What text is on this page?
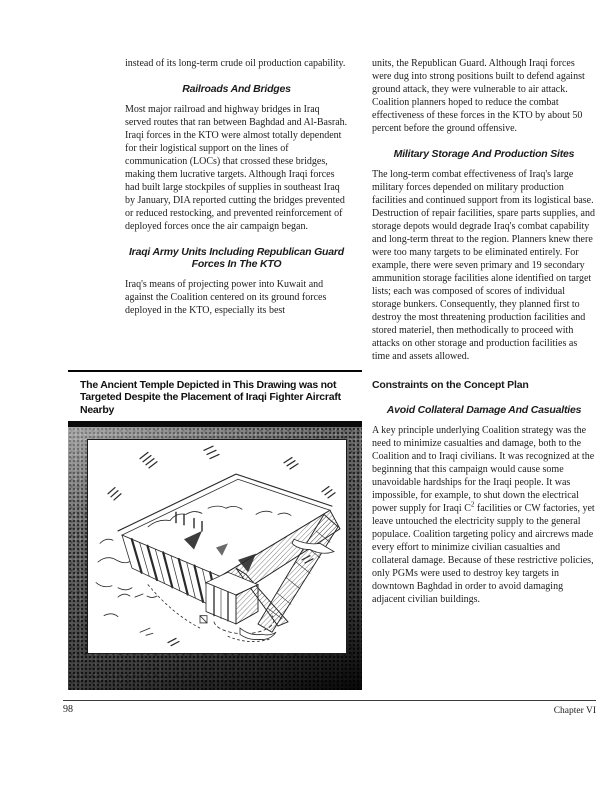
instead of its long-term crude oil production capability.

Railroads And Bridges

Most major railroad and highway bridges in Iraq served routes that ran between Baghdad and Al-Basrah. Iraqi forces in the KTO were almost totally dependent for their logistical support on the lines of communication (LOCs) that crossed these bridges, making them lucrative targets. Although Iraqi forces had built large stockpiles of supplies in southeast Iraq by January, DIA reported cutting the bridges prevented or reduced restocking, and prevented reinforcement of deployed forces once the air campaign began.

Iraqi Army Units Including Republican Guard Forces In The KTO

Iraq's means of projecting power into Kuwait and against the Coalition centered on its ground forces deployed in the KTO, especially its best

units, the Republican Guard. Although Iraqi forces were dug into strong positions built to defend against ground attack, they were vulnerable to air attack. Coalition planners hoped to reduce the combat effectiveness of these forces in the KTO by about 50 percent before the ground offensive.

Military Storage And Production Sites

The long-term combat effectiveness of Iraq's large military forces depended on military production facilities and continued support from its logistical base. Destruction of repair facilities, spare parts supplies, and storage depots would degrade Iraq's combat capability and long-term threat to the region. Planners knew there were too many targets to be eliminated entirely. For example, there were seven primary and 19 secondary ammunition storage facilities alone identified on target lists; each was composed of scores of individual storage bunkers. Consequently, they planned first to destroy the most threatening production facilities and stored materiel, then methodically to proceed with attacks on other storage and production facilities as time and assets allowed.

Constraints on the Concept Plan
Avoid Collateral Damage And Casualties

A key principle underlying Coalition strategy was the need to minimize casualties and damage, both to the Coalition and to Iraqi civilians. It was recognized at the beginning that this campaign would cause some unavoidable hardships for the Iraqi people. It was impossible, for example, to shut down the electrical power supply for Iraqi $C^2$ facilities or CW factories, yet leave untouched the electricity supply to the general populace. Coalition targeting policy and aircrews made every effort to minimize civilian casualties and collateral damage. Because of these restrictive policies, only PGMs were used to destroy key targets in downtown Baghdad in order to avoid damaging adjacent civilian buildings.

The Ancient Temple Depicted in This Drawing was not Targeted Despite the Placement of Iraqi Fighter Aircraft Nearby
98	Chapter VI
